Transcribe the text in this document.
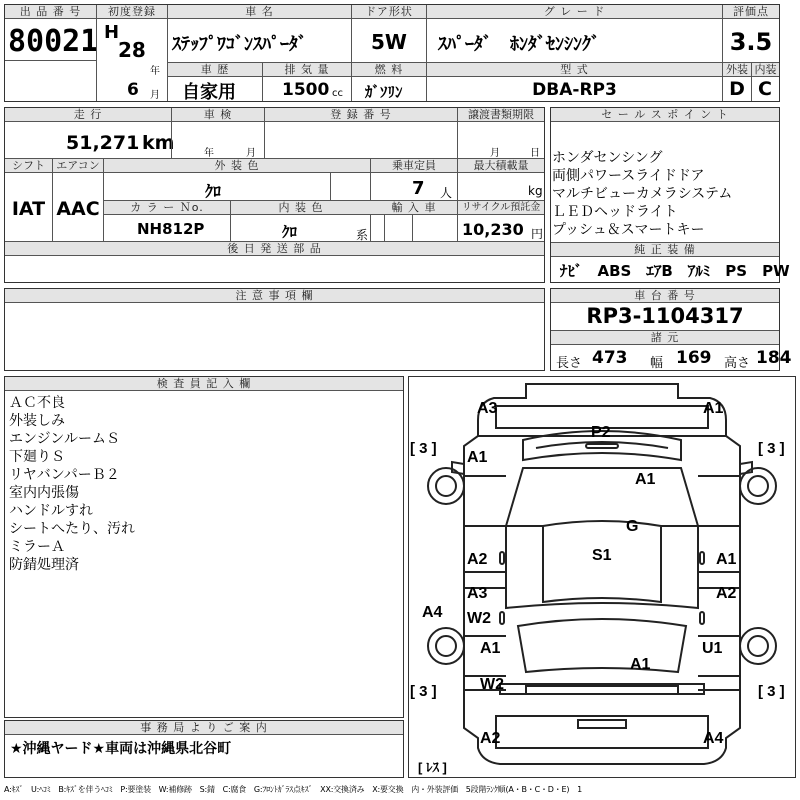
出 品 番 号
80021
初度登録
H
28
年
6 月
車 名
ｽﾃｯﾌﾟﾜｺﾞﾝｽﾊﾟｰﾀﾞ
ドア形状
5W
グ レ ー ド
ｽﾊﾟｰﾀﾞ　ﾎﾝﾀﾞｾﾝｼﾝｸﾞ
評価点
3.5
車 歴
自家用
排 気 量
1500 cc
燃 料
ｶﾞｿﾘﾝ
型 式
DBA-RP3
外装 内装
D C
走 行
51,271 km
車 検
年	月
登 録 番 号	譲渡書類期限
月	日
シフト
IAT
エアコン
AAC
外 装 色
ｸﾛ
乗車定員
7 人
最大積載量
kg
カ ラ ー Ｎo.
NH812P
内 装 色
ｸﾛ	系
輸 入 車	リサイクル預託金
10,230 円
後 日 発 送 部 品
セ ー ル ス ポ イ ン ト
ホンダセンシング
両側パワースライドドア
マルチビューカメラシステム
ＬＥＤヘッドライト
プッシュ＆スマートキー
純 正 装 備
ﾅﾋﾞ　ABS　ｴｱB　ｱﾙﾐ　PS　PW
注 意 事 項 欄	車 台 番 号
RP3-1104317
諸 元
長さ 473 幅 169 高さ 184
検 査 員 記 入 欄
ＡＣ不良
外装しみ
エンジンルームＳ
下廻りＳ
リヤバンパーＢ２
室内内張傷
ハンドルすれ
シートへたり、汚れ
ミラーＡ
防錆処理済
事 務 局 よ り ご 案 内
★沖縄ヤード★車両は沖縄県北谷町
A3	A1
P2
A1
A1
G
S1
A2	A1
A3	A2
W2
A4
A1	U1
A1
W2
A2	A4
[ 3 ]	[ 3 ]
[ 3 ]	[ 3 ]
[ ﾚｽ ]
A:ｷｽﾞ　U:ﾍｺﾐ　B:ｷｽﾞを伴うﾍｺﾐ　P:要塗装　W:補修跡　S:錆　C:腐食　G:ﾌﾛﾝﾄｶﾞﾗｽ点ｷｽﾞ　XX:交換済み　X:要交換　内・外装評価　5段階ﾗﾝｸ順(A・B・C・D・E)　1
